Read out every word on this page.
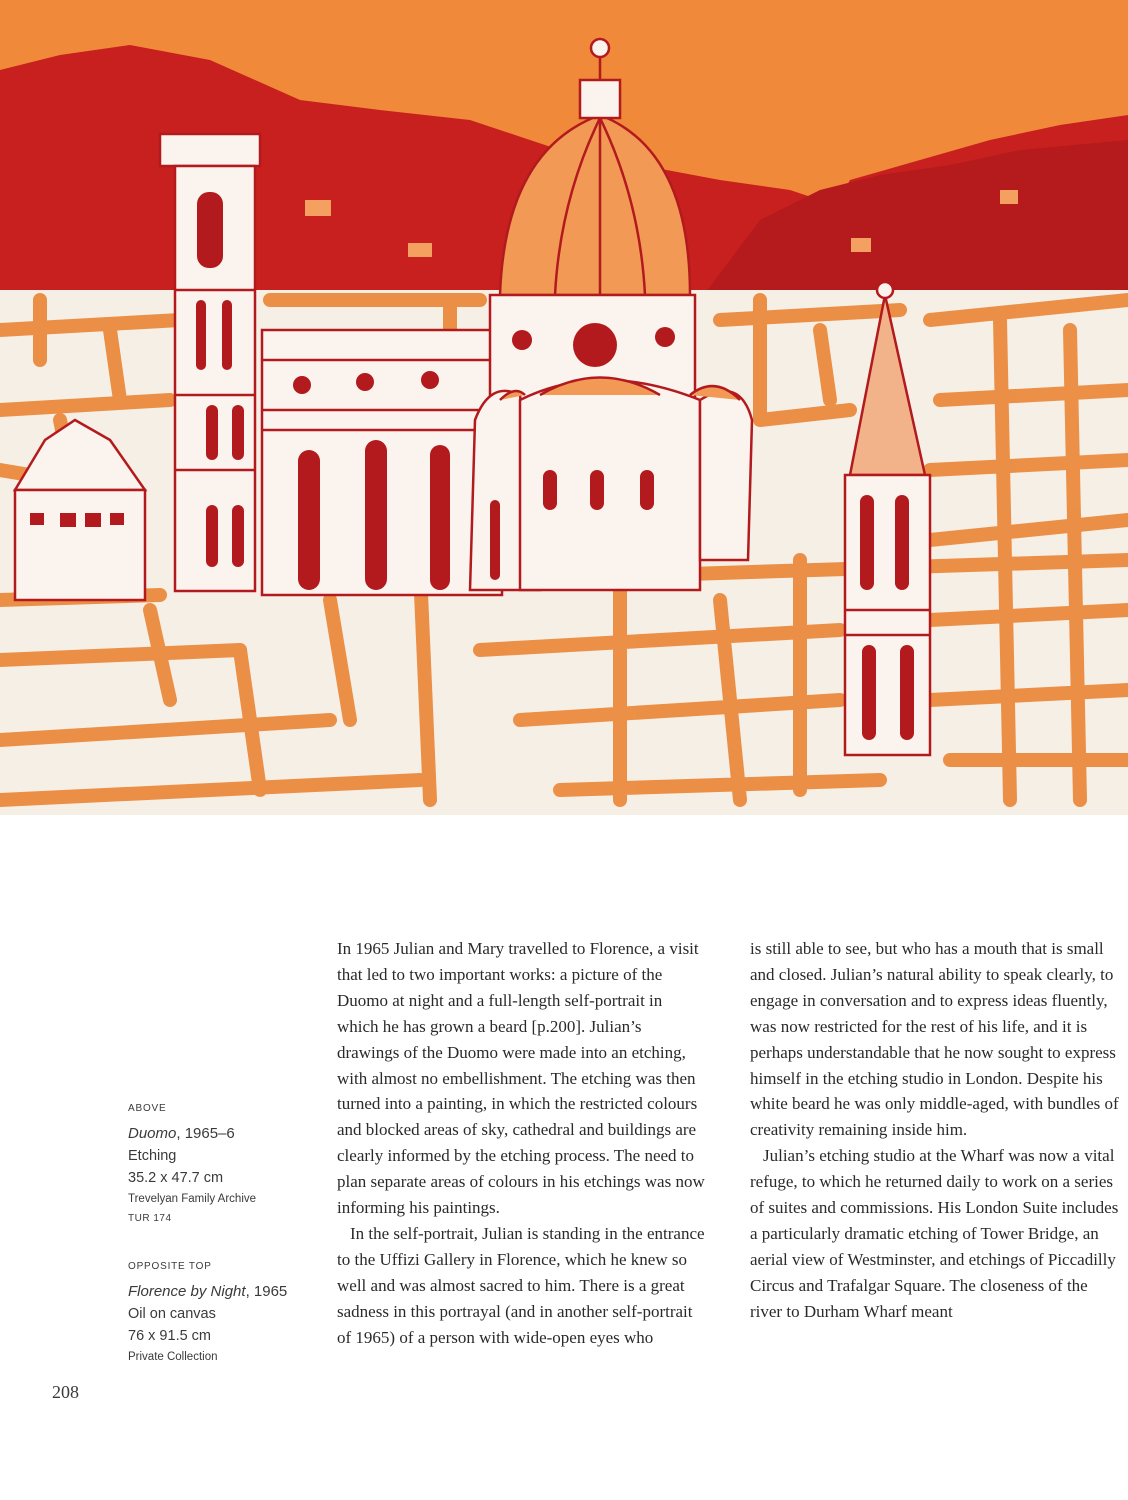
ABOVE
Duomo, 1965–6
Etching
35.2 x 47.7 cm
Trevelyan Family Archive
TUR 174
OPPOSITE TOP
Florence by Night, 1965
Oil on canvas
76 x 91.5 cm
Private Collection

In 1965 Julian and Mary travelled to Florence, a visit that led to two important works: a picture of the Duomo at night and a full-length self-portrait in which he has grown a beard [p.200]. Julian’s drawings of the Duomo were made into an etching, with almost no embellishment. The etching was then turned into a painting, in which the restricted colours and blocked areas of sky, cathedral and buildings are clearly informed by the etching process. The need to plan separate areas of colours in his etchings was now informing his paintings.

In the self-portrait, Julian is standing in the entrance to the Uffizi Gallery in Florence, which he knew so well and was almost sacred to him. There is a great sadness in this portrayal (and in another self-portrait of 1965) of a person with wide-open eyes who

is still able to see, but who has a mouth that is small and closed. Julian’s natural ability to speak clearly, to engage in conversation and to express ideas fluently, was now restricted for the rest of his life, and it is perhaps understandable that he now sought to express himself in the etching studio in London. Despite his white beard he was only middle-aged, with bundles of creativity remaining inside him.

Julian’s etching studio at the Wharf was now a vital refuge, to which he returned daily to work on a series of suites and commissions. His London Suite includes a particularly dramatic etching of Tower Bridge, an aerial view of Westminster, and etchings of Piccadilly Circus and Trafalgar Square. The closeness of the river to Durham Wharf meant

208
